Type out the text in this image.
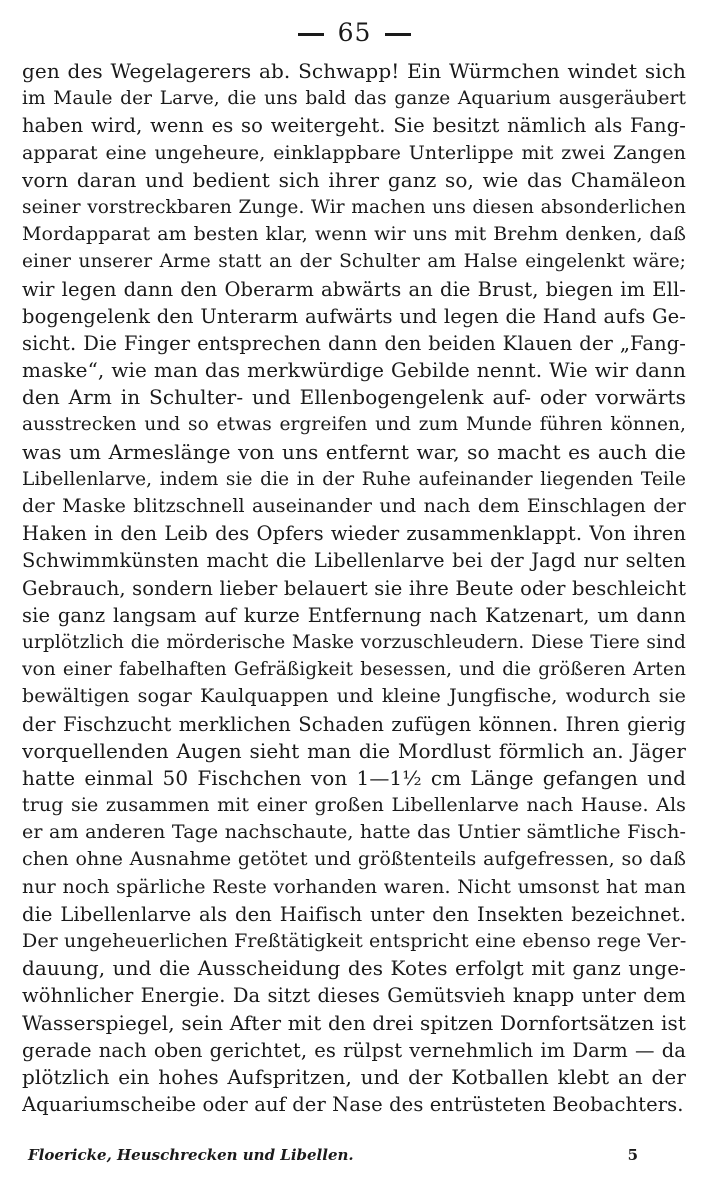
65
gen des Wegelagerers ab. Schwapp! Ein Würmchen windet sich
im Maule der Larve, die uns bald das ganze Aquarium ausgeräubert
haben wird, wenn es so weitergeht. Sie besitzt nämlich als Fang-
apparat eine ungeheure, einklappbare Unterlippe mit zwei Zangen
vorn daran und bedient sich ihrer ganz so, wie das Chamäleon
seiner vorstreckbaren Zunge. Wir machen uns diesen absonderlichen
Mordapparat am besten klar, wenn wir uns mit Brehm denken, daß
einer unserer Arme statt an der Schulter am Halse eingelenkt wäre;
wir legen dann den Oberarm abwärts an die Brust, biegen im Ell-
bogengelenk den Unterarm aufwärts und legen die Hand aufs Ge-
sicht. Die Finger entsprechen dann den beiden Klauen der „Fang-
maske“, wie man das merkwürdige Gebilde nennt. Wie wir dann
den Arm in Schulter- und Ellenbogengelenk auf- oder vorwärts
ausstrecken und so etwas ergreifen und zum Munde führen können,
was um Armeslänge von uns entfernt war, so macht es auch die
Libellenlarve, indem sie die in der Ruhe aufeinander liegenden Teile
der Maske blitzschnell auseinander und nach dem Einschlagen der
Haken in den Leib des Opfers wieder zusammenklappt. Von ihren
Schwimmkünsten macht die Libellenlarve bei der Jagd nur selten
Gebrauch, sondern lieber belauert sie ihre Beute oder beschleicht
sie ganz langsam auf kurze Entfernung nach Katzenart, um dann
urplötzlich die mörderische Maske vorzuschleudern. Diese Tiere sind
von einer fabelhaften Gefräßigkeit besessen, und die größeren Arten
bewältigen sogar Kaulquappen und kleine Jungfische, wodurch sie
der Fischzucht merklichen Schaden zufügen können. Ihren gierig
vorquellenden Augen sieht man die Mordlust förmlich an. Jäger
hatte einmal 50 Fischchen von 1—1½ cm Länge gefangen und
trug sie zusammen mit einer großen Libellenlarve nach Hause. Als
er am anderen Tage nachschaute, hatte das Untier sämtliche Fisch-
chen ohne Ausnahme getötet und größtenteils aufgefressen, so daß
nur noch spärliche Reste vorhanden waren. Nicht umsonst hat man
die Libellenlarve als den Haifisch unter den Insekten bezeichnet.
Der ungeheuerlichen Freßtätigkeit entspricht eine ebenso rege Ver-
dauung, und die Ausscheidung des Kotes erfolgt mit ganz unge-
wöhnlicher Energie. Da sitzt dieses Gemütsvieh knapp unter dem
Wasserspiegel, sein After mit den drei spitzen Dornfortsätzen ist
gerade nach oben gerichtet, es rülpst vernehmlich im Darm — da
plötzlich ein hohes Aufspritzen, und der Kotballen klebt an der
Aquariumscheibe oder auf der Nase des entrüsteten Beobachters.
Floericke, Heuschrecken und Libellen.	5
